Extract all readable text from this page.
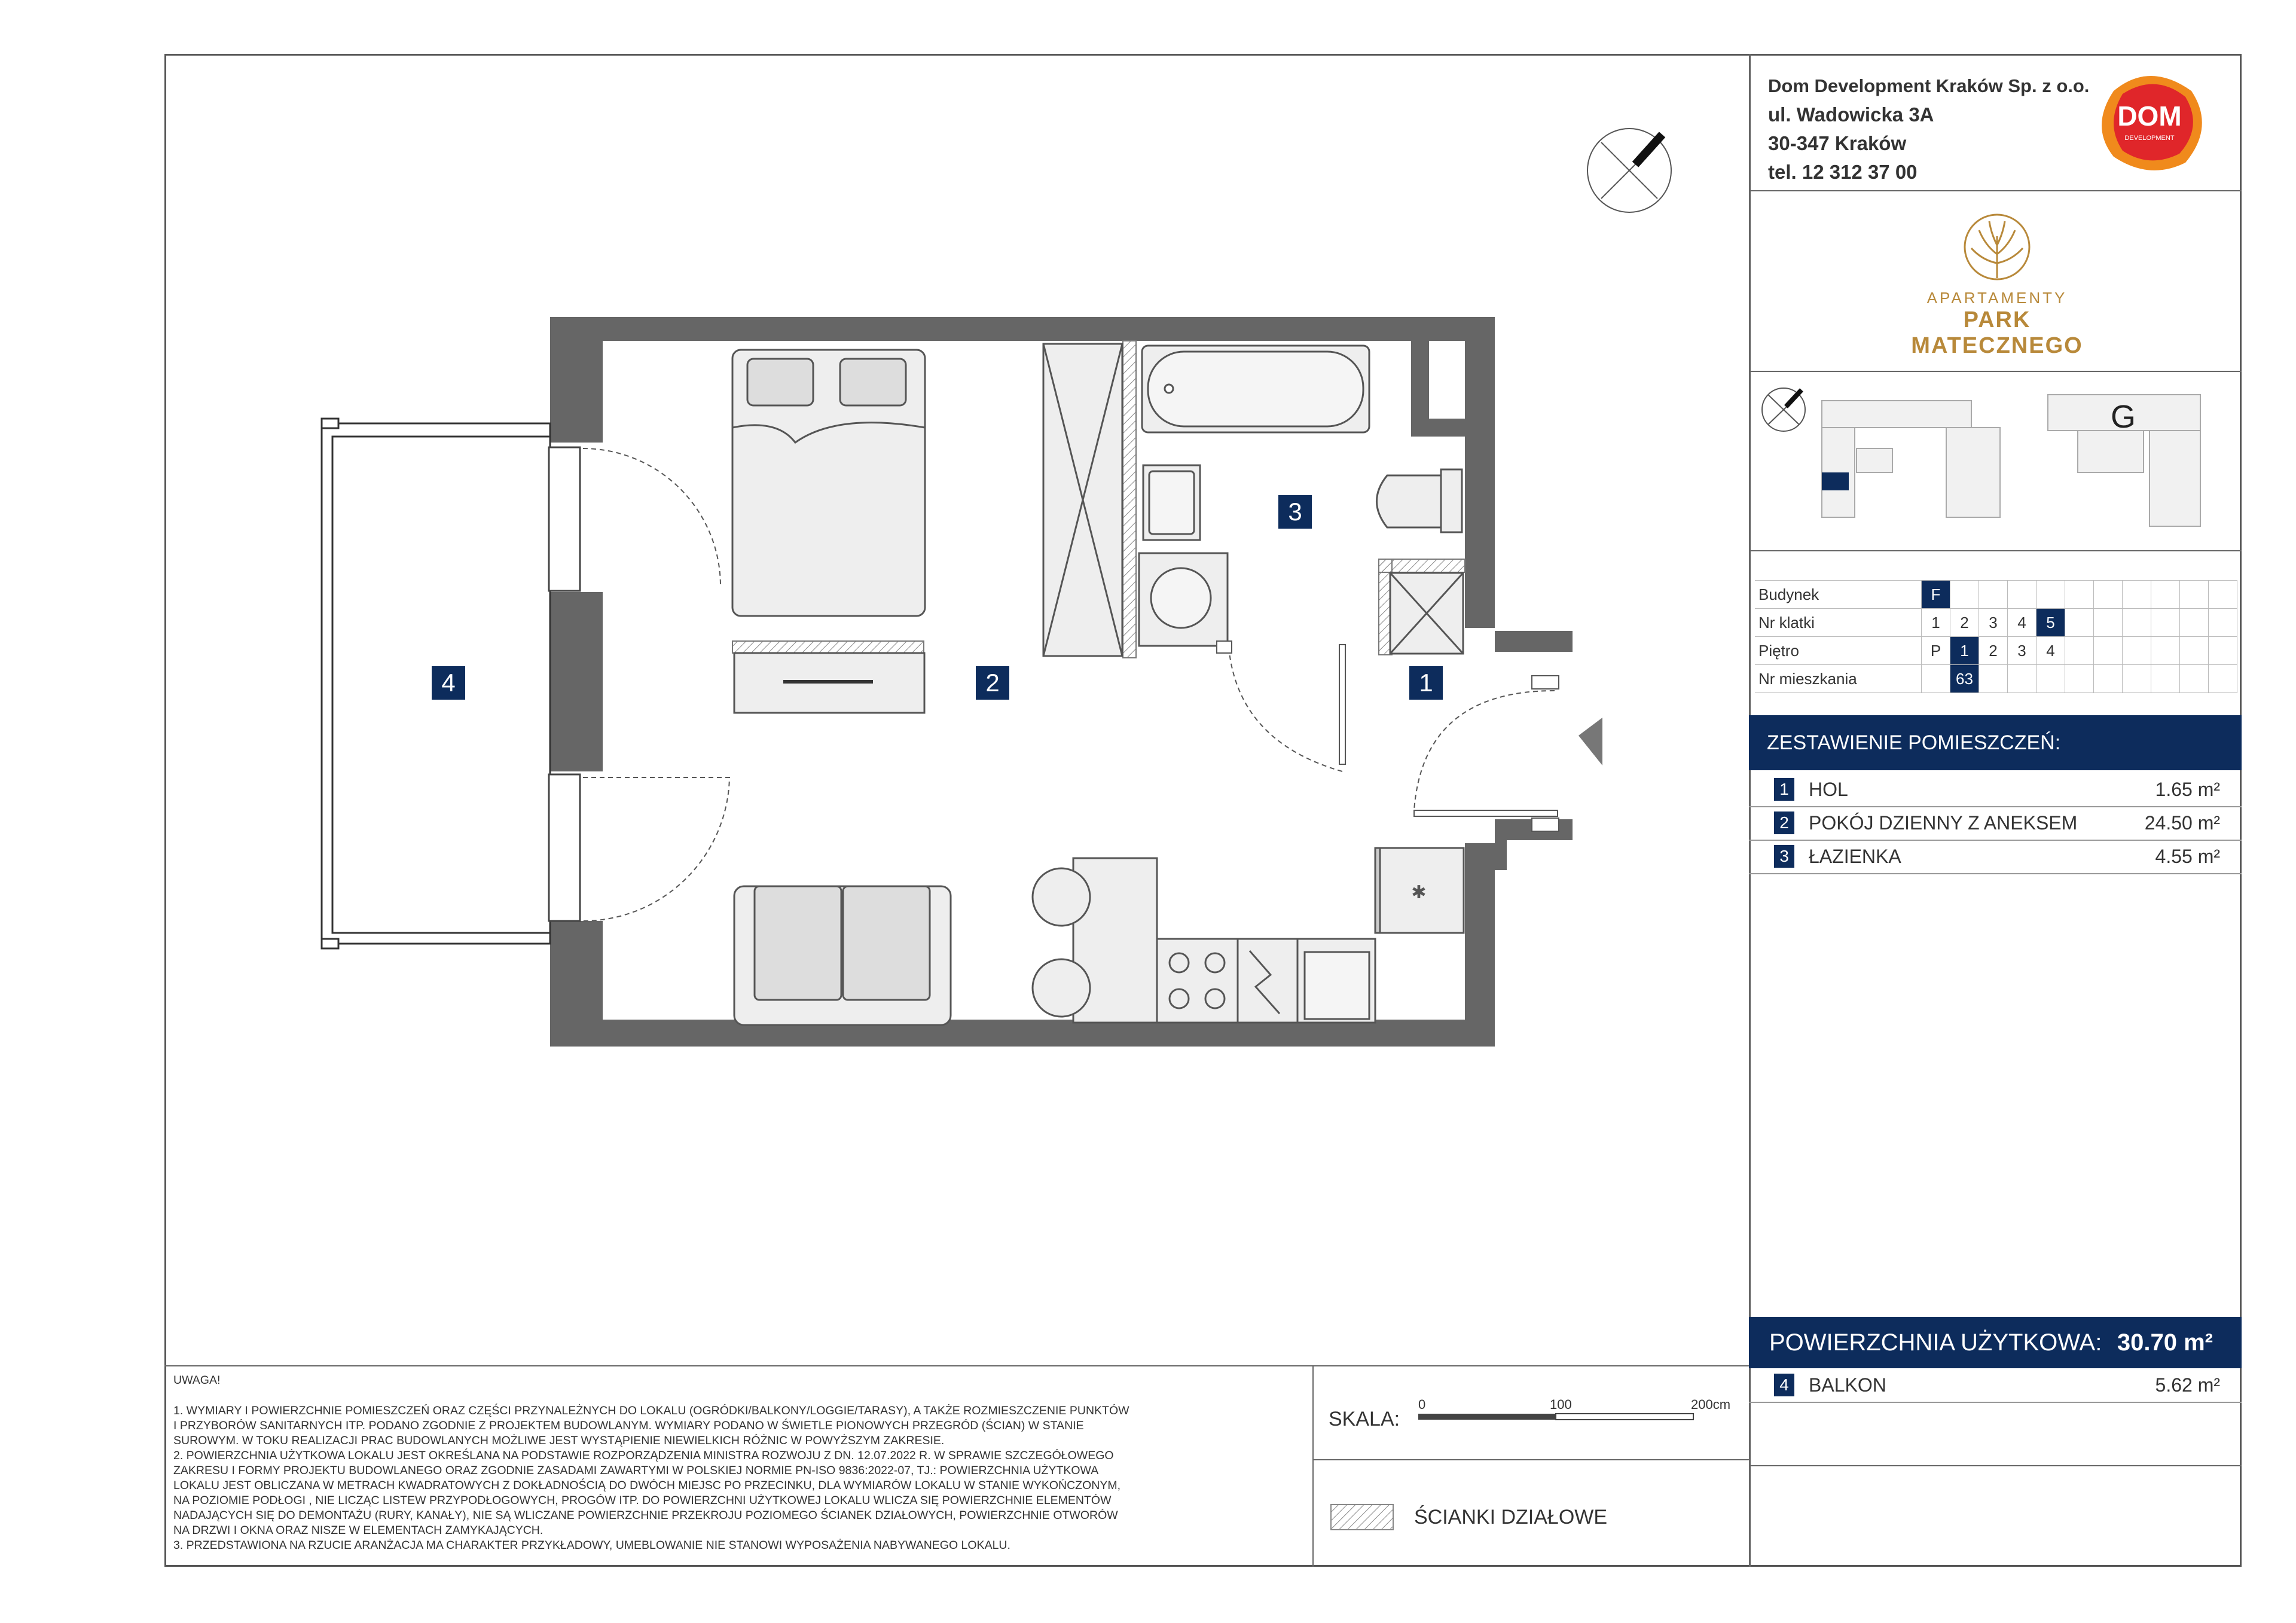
Dom Development Kraków Sp. z o.o.
ul. Wadowicka 3A
30-347 Kraków
tel. 12 312 37 00
DOM
DEVELOPMENT
APARTAMENTY
PARK MATECZNEGO
G
Budynek	F										
Nr klatki	1	2	3	4	5						
Piętro	P	1	2	3	4						
Nr mieszkania		63									
ZESTAWIENIE POMIESZCZEŃ:
1 HOL	1.65 m²
2 POKÓJ DZIENNY Z ANEKSEM	24.50 m²
3 ŁAZIENKA	4.55 m²
POWIERZCHNIA UŻYTKOWA: 30.70 m²
4 BALKON	5.62 m²
UWAGA!
1. WYMIARY I POWIERZCHNIE POMIESZCZEŃ ORAZ CZĘŚCI PRZYNALEŻNYCH DO LOKALU (OGRÓDKI/BALKONY/LOGGIE/TARASY), A TAKŻE ROZMIESZCZENIE PUNKTÓW
I PRZYBORÓW SANITARNYCH ITP. PODANO ZGODNIE Z PROJEKTEM BUDOWLANYM. WYMIARY PODANO W ŚWIETLE PIONOWYCH PRZEGRÓD (ŚCIAN) W STANIE
SUROWYM. W TOKU REALIZACJI PRAC BUDOWLANYCH MOŻLIWE JEST WYSTĄPIENIE NIEWIELKICH RÓŻNIC W POWYŻSZYM ZAKRESIE.
2. POWIERZCHNIA UŻYTKOWA LOKALU JEST OKREŚLANA NA PODSTAWIE ROZPORZĄDZENIA MINISTRA ROZWOJU Z DN. 12.07.2022 R. W SPRAWIE SZCZEGÓŁOWEGO
ZAKRESU I FORMY PROJEKTU BUDOWLANEGO ORAZ ZGODNIE ZASADAMI ZAWARTYMI W POLSKIEJ NORMIE PN-ISO 9836:2022-07, TJ.: POWIERZCHNIA UŻYTKOWA
LOKALU JEST OBLICZANA W METRACH KWADRATOWYCH Z DOKŁADNOŚCIĄ DO DWÓCH MIEJSC PO PRZECINKU, DLA WYMIARÓW LOKALU W STANIE WYKOŃCZONYM,
NA POZIOMIE PODŁOGI , NIE LICZĄC LISTEW PRZYPODŁOGOWYCH, PROGÓW ITP. DO POWIERZCHNI UŻYTKOWEJ LOKALU WLICZA SIĘ POWIERZCHNIE ELEMENTÓW
NADAJĄCYCH SIĘ DO DEMONTAŻU (RURY, KANAŁY), NIE SĄ WLICZANE POWIERZCHNIE PRZEKROJU POZIOMEGO ŚCIANEK DZIAŁOWYCH, POWIERZCHNIE OTWORÓW
NA DRZWI I OKNA ORAZ NISZE W ELEMENTACH ZAMYKAJĄCYCH.
3. PRZEDSTAWIONA NA RZUCIE ARANŻACJA MA CHARAKTER PRZYKŁADOWY, UMEBLOWANIE NIE STANOWI WYPOSAŻENIA NABYWANEGO LOKALU.
SKALA:
0	100	200cm
ŚCIANKI DZIAŁOWE
✱
3
2	1
4
